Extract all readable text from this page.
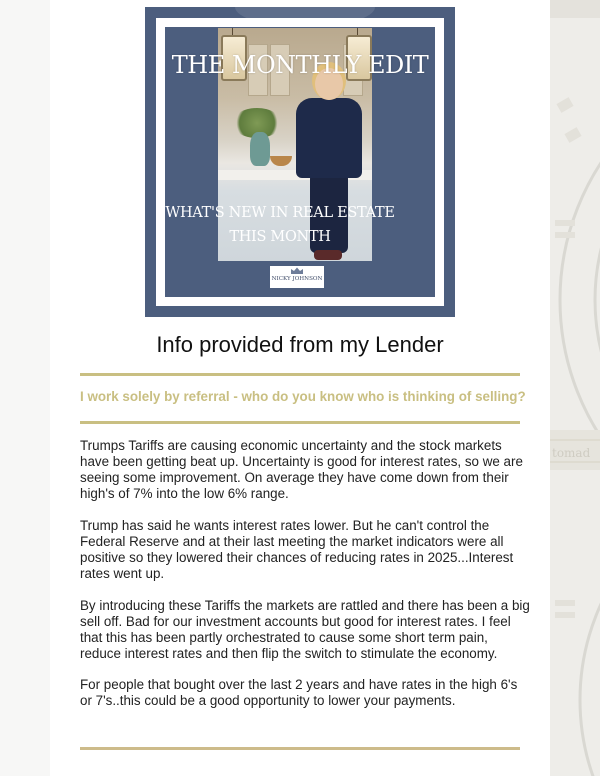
tomad
THE MONTHLY EDIT
WHAT'S NEW IN REAL ESTATE THIS MONTH
NICKY JOHNSON
Info provided from my Lender
I work solely by referral - who do you know who is thinking of selling?

Trumps Tariffs are causing economic uncertainty and the stock markets have been getting beat up. Uncertainty is good for interest rates, so we are seeing some improvement. On average they have come down from their high's of 7% into the low 6% range.

Trump has said he wants interest rates lower. But he can't control the Federal Reserve and at their last meeting the market indicators were all positive so they lowered their chances of reducing rates in 2025...Interest rates went up.

By introducing these Tariffs the markets are rattled and there has been a big sell off. Bad for our investment accounts but good for interest rates. I feel that this has been partly orchestrated to cause some short term pain, reduce interest rates and then flip the switch to stimulate the economy.

For people that bought over the last 2 years and have rates in the high 6's or 7's..this could be a good opportunity to lower your payments.
